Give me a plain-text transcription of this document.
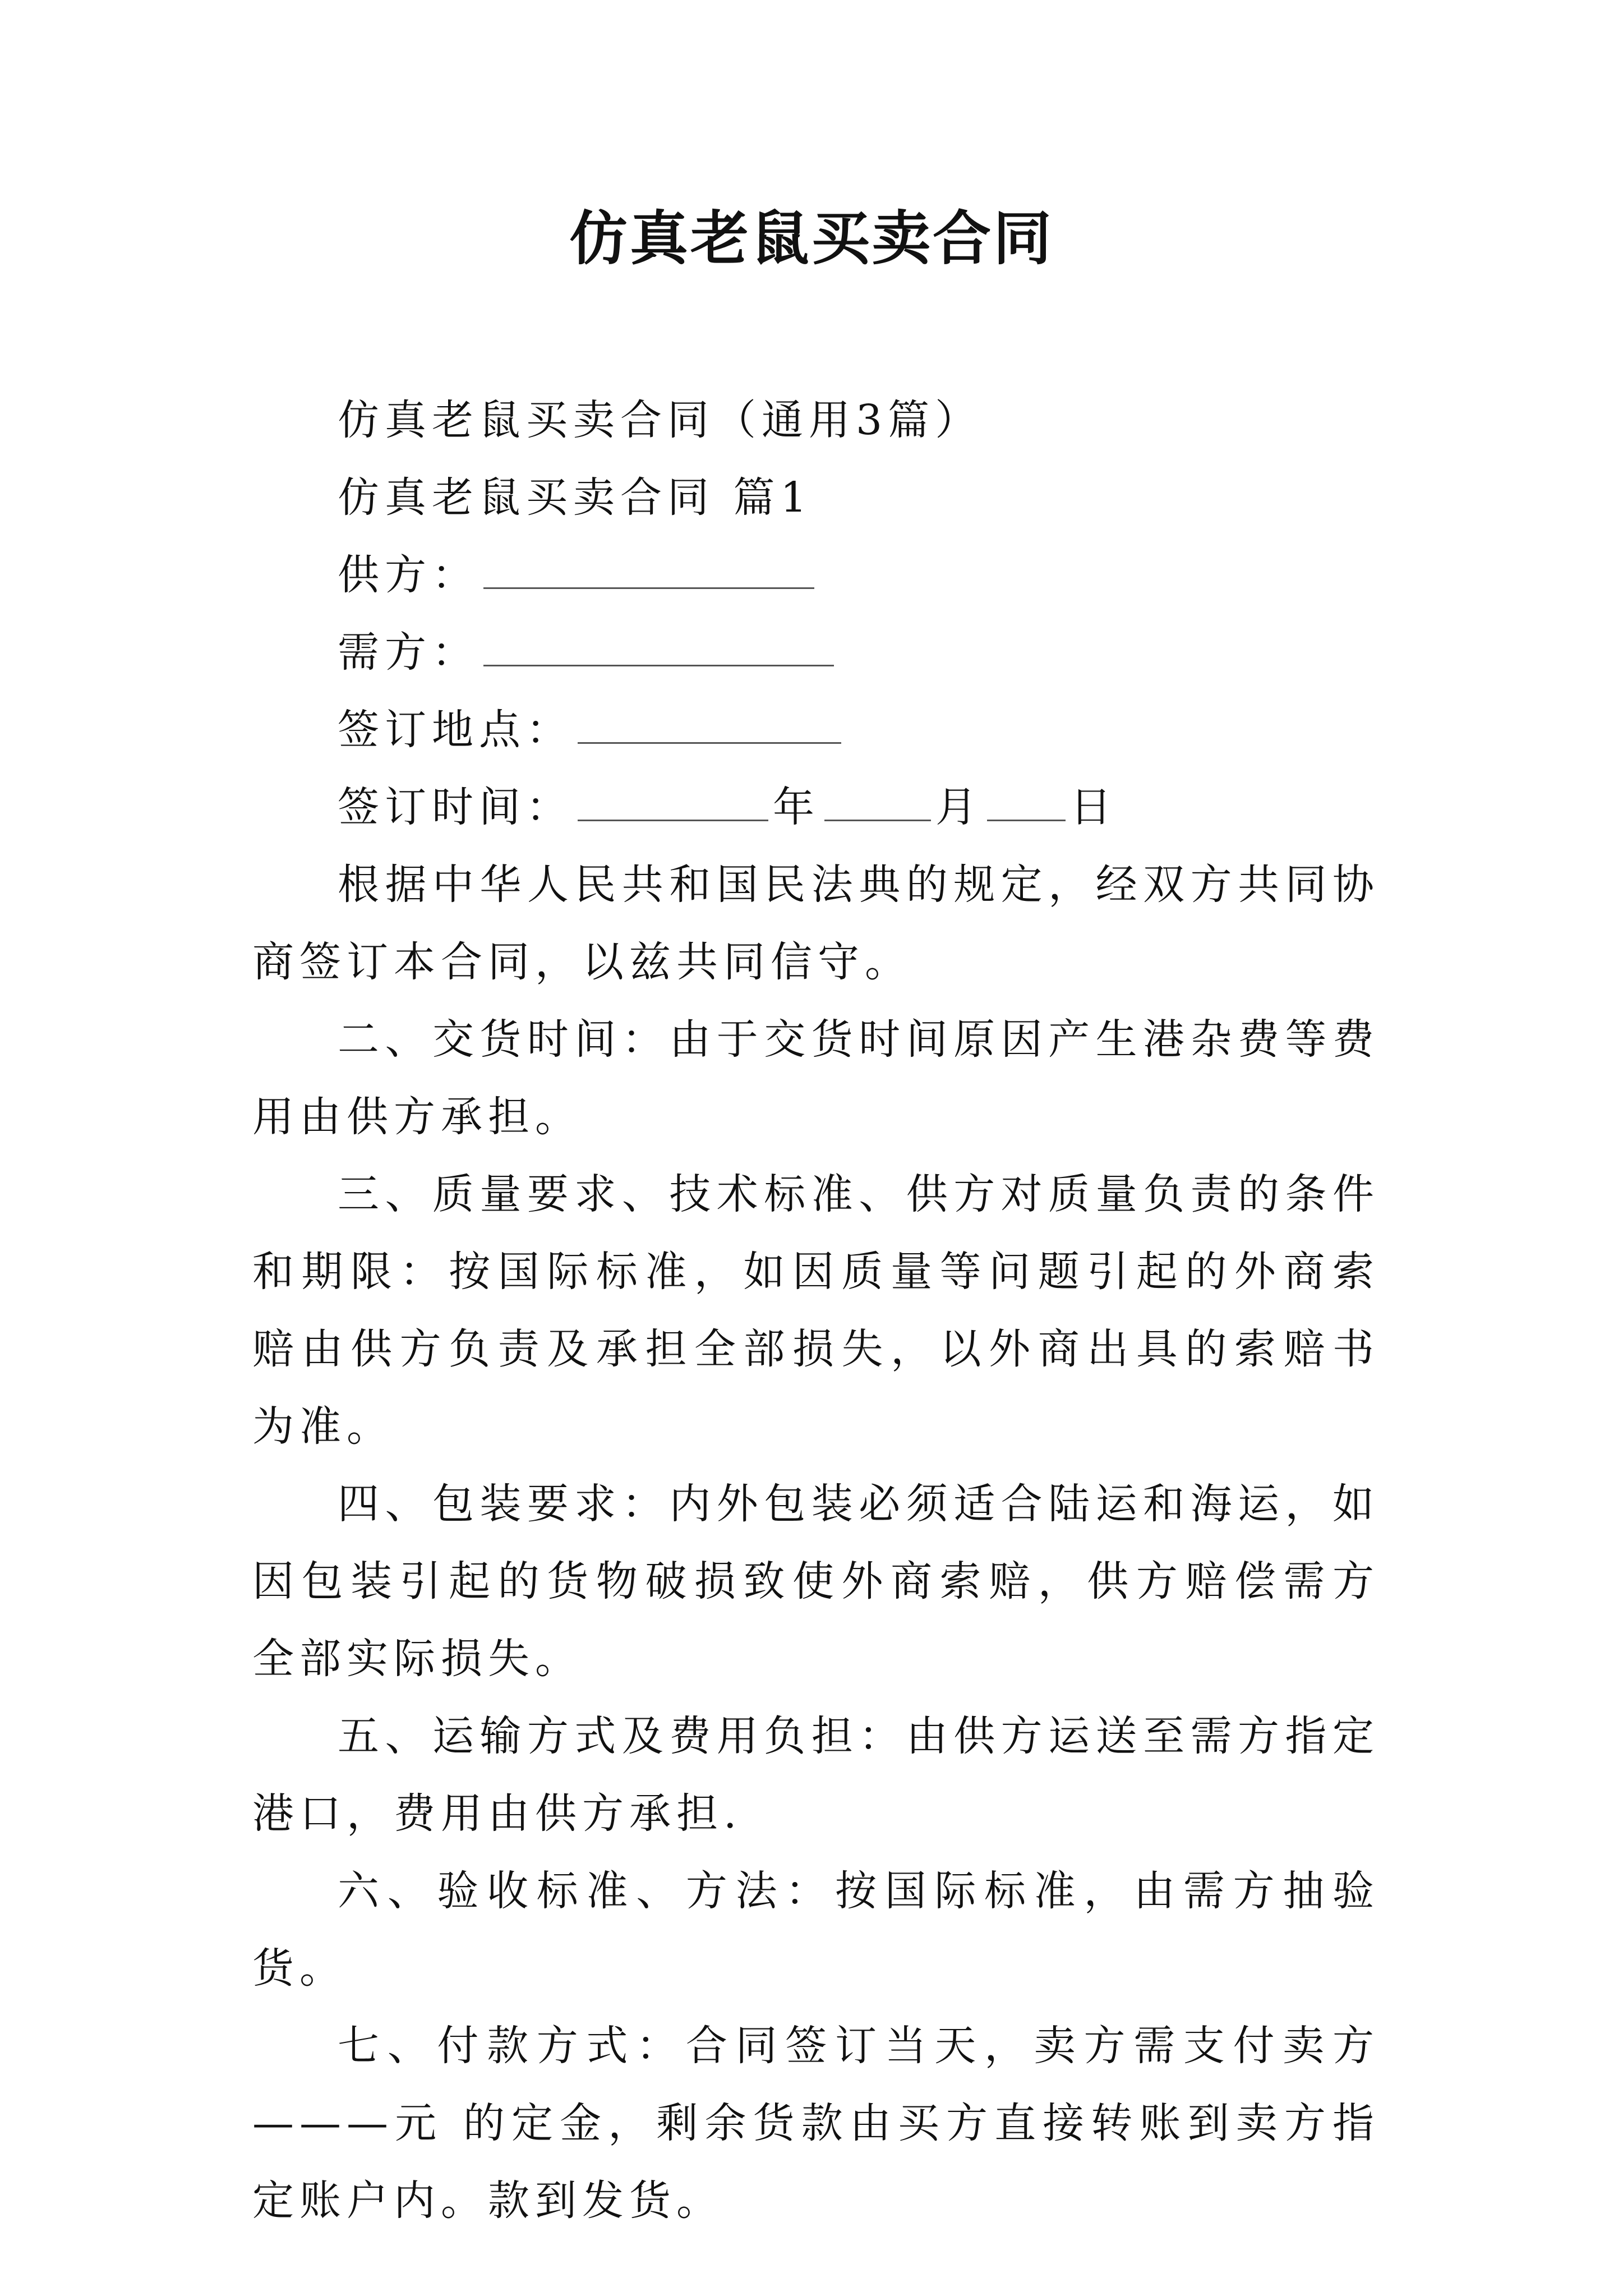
仿真老鼠买卖合同

仿真老鼠买卖合同（通用3篇）

仿真老鼠买卖合同 篇1

供方：

需方：

签订地点：

签订时间：	年	月 日

根据中华人民共和国民法典的规定，经双方共同协商签订本合同，以兹共同信守。

二、交货时间：由于交货时间原因产生港杂费等费用由供方承担。

三、质量要求、技术标准、供方对质量负责的条件和期限：按国际标准，如因质量等问题引起的外商索赔由供方负责及承担全部损失，以外商出具的索赔书为准。

四、包装要求：内外包装必须适合陆运和海运，如因包装引起的货物破损致使外商索赔，供方赔偿需方全部实际损失。

五、运输方式及费用负担：由供方运送至需方指定港口，费用由供方承担.

六、验收标准、方法：按国际标准，由需方抽验货。

七、付款方式：合同签订当天，卖方需支付卖方———元 的定金，剩余货款由买方直接转账到卖方指定账户内。款到发货。
